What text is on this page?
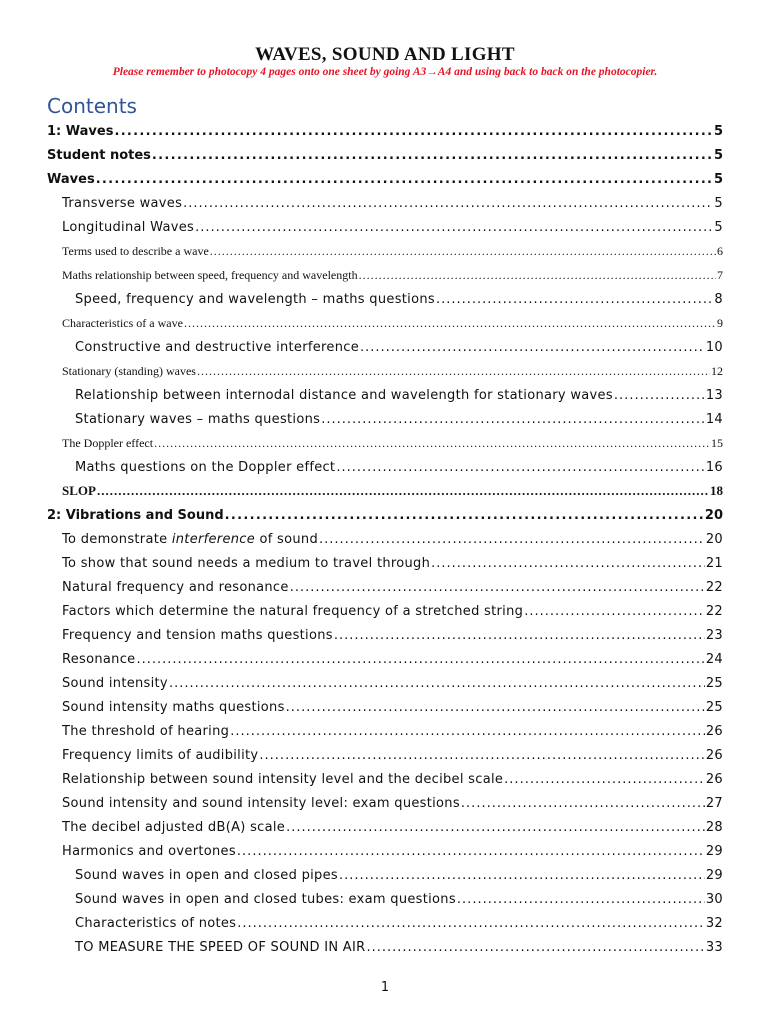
WAVES, SOUND AND LIGHT
Please remember to photocopy 4 pages onto one sheet by going A3→A4 and using back to back on the photocopier.
Contents
1: Waves .....	5
Student notes .....	5
Waves .....	5
Transverse waves .....	5
Longitudinal Waves .....	5
Terms used to describe a wave .....	6
Maths relationship between speed, frequency and wavelength .....	7
Speed, frequency and wavelength – maths questions .....	8
Characteristics of a wave .....	9
Constructive and destructive interference .....	10
Stationary (standing) waves .....	12
Relationship between internodal distance and wavelength for stationary waves .....	13
Stationary waves – maths questions .....	14
The Doppler effect .....	15
Maths questions on the Doppler effect .....	16
SLOP .....	18
2: Vibrations and Sound .....	20
To demonstrate interference of sound .....	20
To show that sound needs a medium to travel through .....	21
Natural frequency and resonance .....	22
Factors which determine the natural frequency of a stretched string .....	22
Frequency and tension maths questions .....	23
Resonance .....	24
Sound intensity .....	25
Sound intensity maths questions .....	25
The threshold of hearing .....	26
Frequency limits of audibility .....	26
Relationship between sound intensity level and the decibel scale .....	26
Sound intensity and sound intensity level: exam questions .....	27
The decibel adjusted dB(A) scale .....	28
Harmonics and overtones .....	29
Sound waves in open and closed pipes .....	29
Sound waves in open and closed tubes: exam questions .....	30
Characteristics of notes .....	32
TO MEASURE THE SPEED OF SOUND IN AIR .....	33
1
